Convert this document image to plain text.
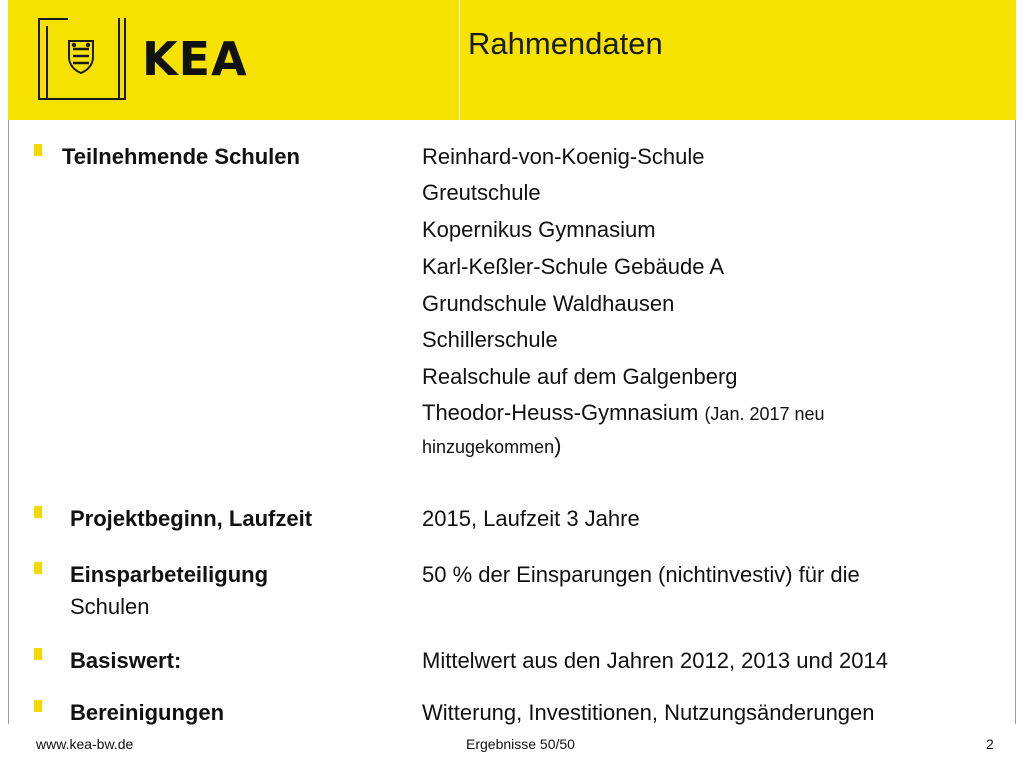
KEA	Rahmendaten
Teilnehmende Schulen	Reinhard-von-Koenig-Schule
Greutschule
Kopernikus Gymnasium
Karl-Keßler-Schule Gebäude A
Grundschule Waldhausen
Schillerschule
Realschule auf dem Galgenberg
Theodor-Heuss-Gymnasium (Jan. 2017 neu
hinzugekommen)
Projektbeginn, Laufzeit	2015, Laufzeit 3 Jahre
Einsparbeteiligung	50 % der Einsparungen (nichtinvestiv) für die
Schulen
Basiswert:	Mittelwert aus den Jahren 2012, 2013 und 2014
Bereinigungen	Witterung, Investitionen, Nutzungsänderungen
www.kea-bw.de	Ergebnisse 50/50	2
